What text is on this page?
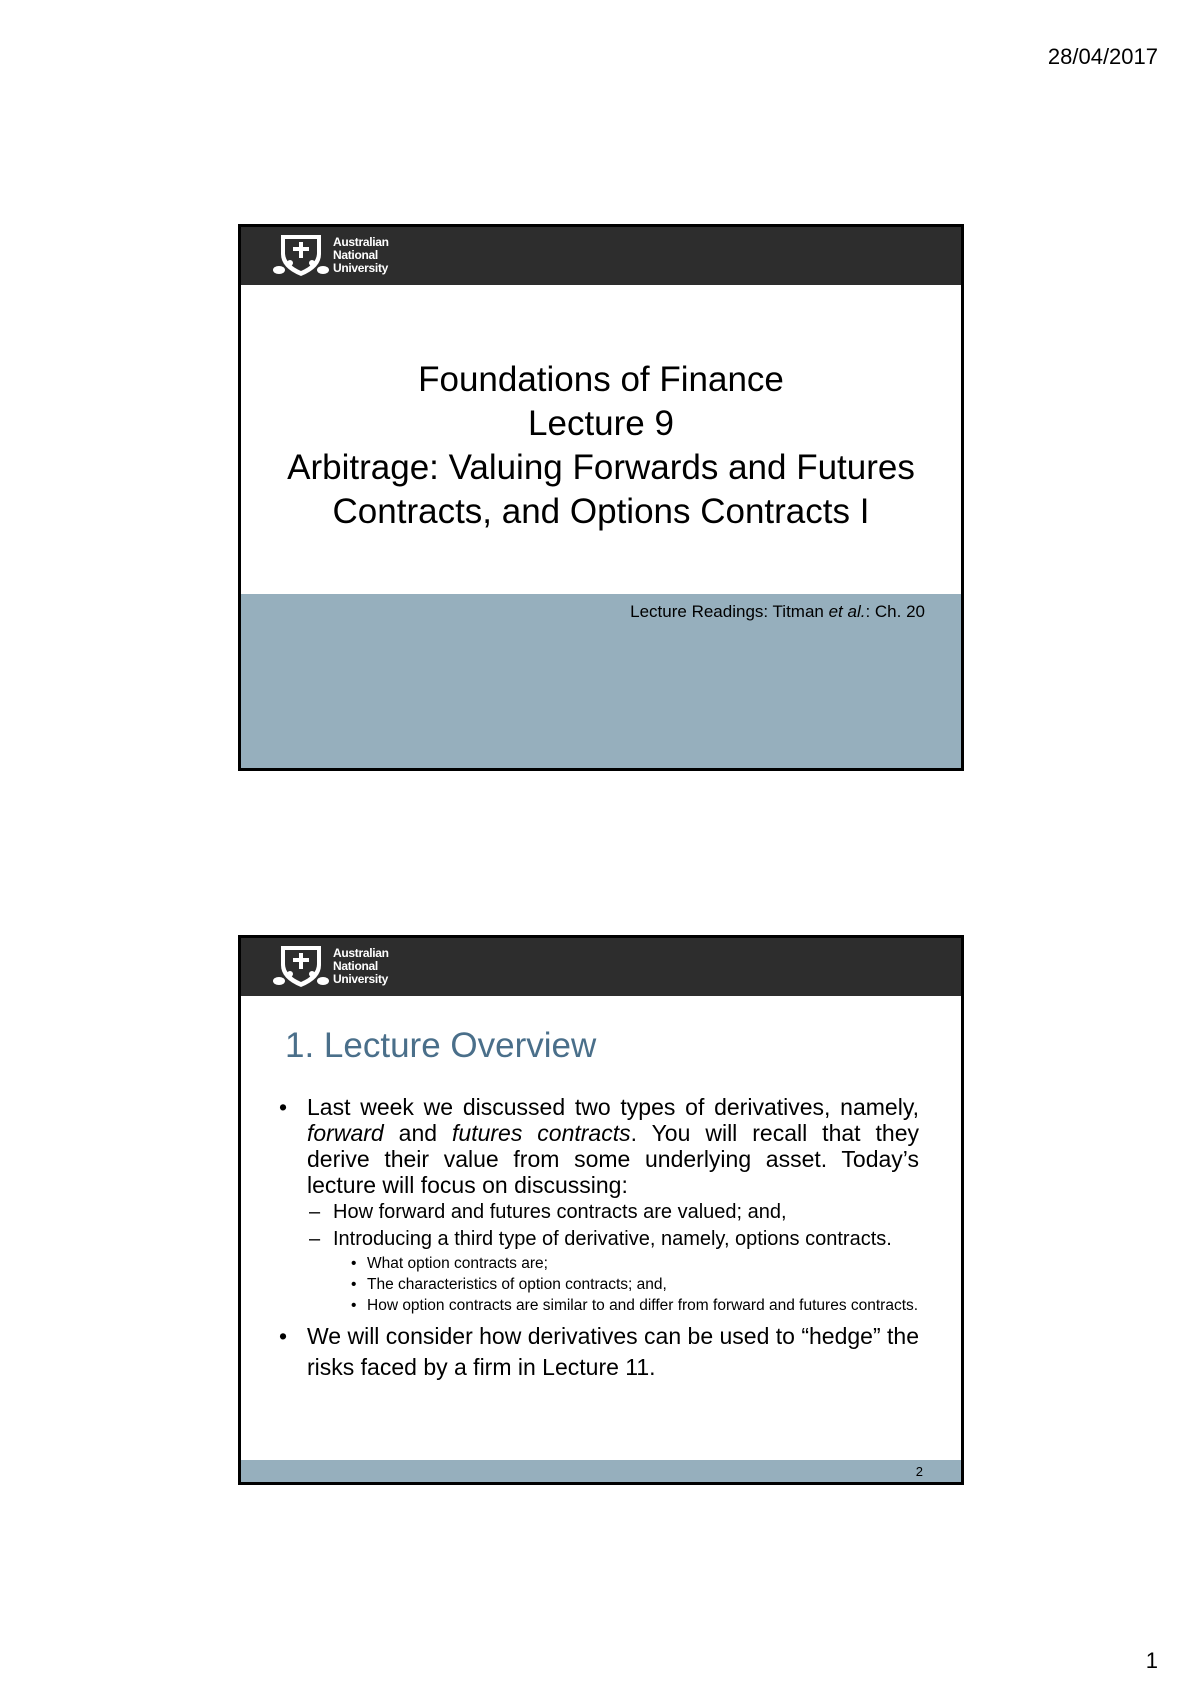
28/04/2017
Australian
National
University
Foundations of Finance
Lecture 9
Arbitrage: Valuing Forwards and Futures
Contracts, and Options Contracts I
Lecture Readings: Titman et al.: Ch. 20
Australian
National
University
1. Lecture Overview
• Last week we discussed two types of derivatives, namely, forward and futures contracts. You will recall that they derive their value from some underlying asset. Today’s lecture will focus on discussing:
– How forward and futures contracts are valued; and,
– Introducing a third type of derivative, namely, options contracts.
• What option contracts are;
• The characteristics of option contracts; and,
• How option contracts are similar to and differ from forward and futures contracts.
• We will consider how derivatives can be used to “hedge” the risks faced by a firm in Lecture 11.
2
1
